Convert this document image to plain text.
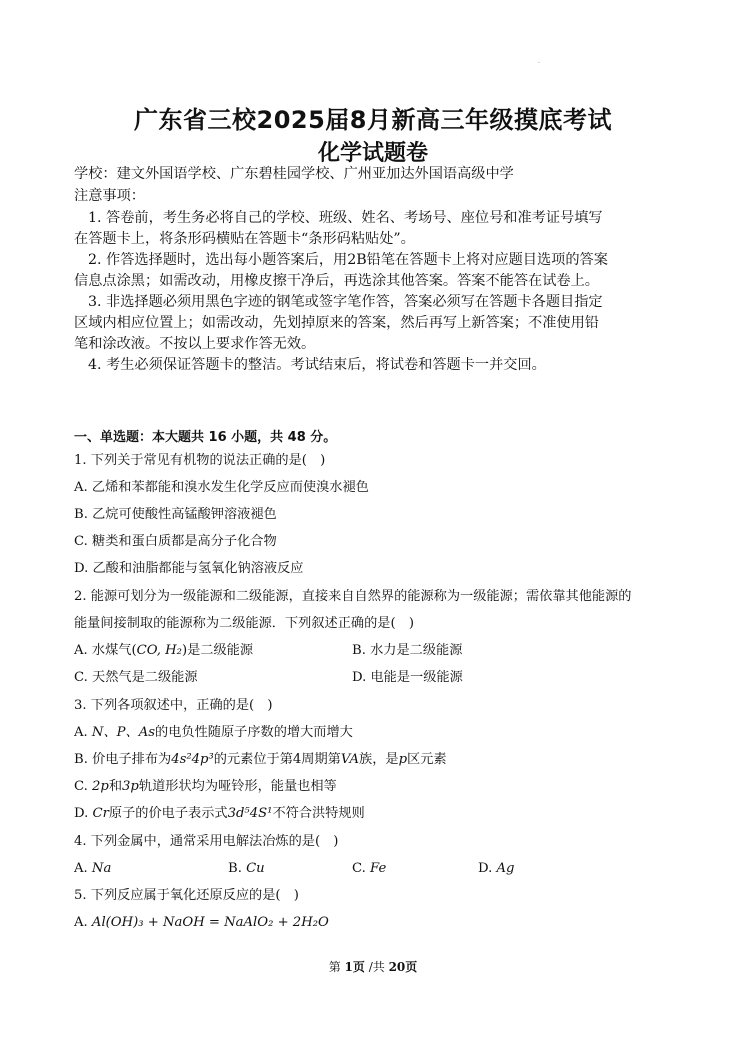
.
广东省三校2025届8月新高三年级摸底考试
化学试题卷
学校：建文外国语学校、广东碧桂园学校、广州亚加达外国语高级中学
注意事项：
1. 答卷前，考生务必将自己的学校、班级、姓名、考场号、座位号和准考证号填写
在答题卡上，将条形码横贴在答题卡“条形码粘贴处”。
2. 作答选择题时，选出每小题答案后，用2B铅笔在答题卡上将对应题目选项的答案
信息点涂黑；如需改动，用橡皮擦干净后，再选涂其他答案。答案不能答在试卷上。
3. 非选择题必须用黑色字迹的钢笔或签字笔作答，答案必须写在答题卡各题目指定
区域内相应位置上；如需改动，先划掉原来的答案，然后再写上新答案；不准使用铅
笔和涂改液。不按以上要求作答无效。
4. 考生必须保证答题卡的整洁。考试结束后，将试卷和答题卡一并交回。
一、单选题：本大题共 16 小题，共 48 分。
1. 下列关于常见有机物的说法正确的是(　)
A. 乙烯和苯都能和溴水发生化学反应而使溴水褪色
B. 乙烷可使酸性高锰酸钾溶液褪色
C. 糖类和蛋白质都是高分子化合物
D. 乙酸和油脂都能与氢氧化钠溶液反应
2. 能源可划分为一级能源和二级能源，直接来自自然界的能源称为一级能源；需依靠其他能源的
能量间接制取的能源称为二级能源．下列叙述正确的是(　)
A. 水煤气(CO, H₂)是二级能源	B. 水力是二级能源
C. 天然气是二级能源	D. 电能是一级能源
3. 下列各项叙述中，正确的是(　)
A. N、P、As的电负性随原子序数的增大而增大
B. 价电子排布为4s²4p³的元素位于第4周期第VA族，是p区元素
C. 2p和3p轨道形状均为哑铃形，能量也相等
D. Cr原子的价电子表示式3d⁵4S¹不符合洪特规则
4. 下列金属中，通常采用电解法冶炼的是(　)
A. Na	B. Cu	C. Fe	D. Ag
5. 下列反应属于氧化还原反应的是(　)
A. Al(OH)₃ + NaOH = NaAlO₂ + 2H₂O
第 1页 /共 20页
